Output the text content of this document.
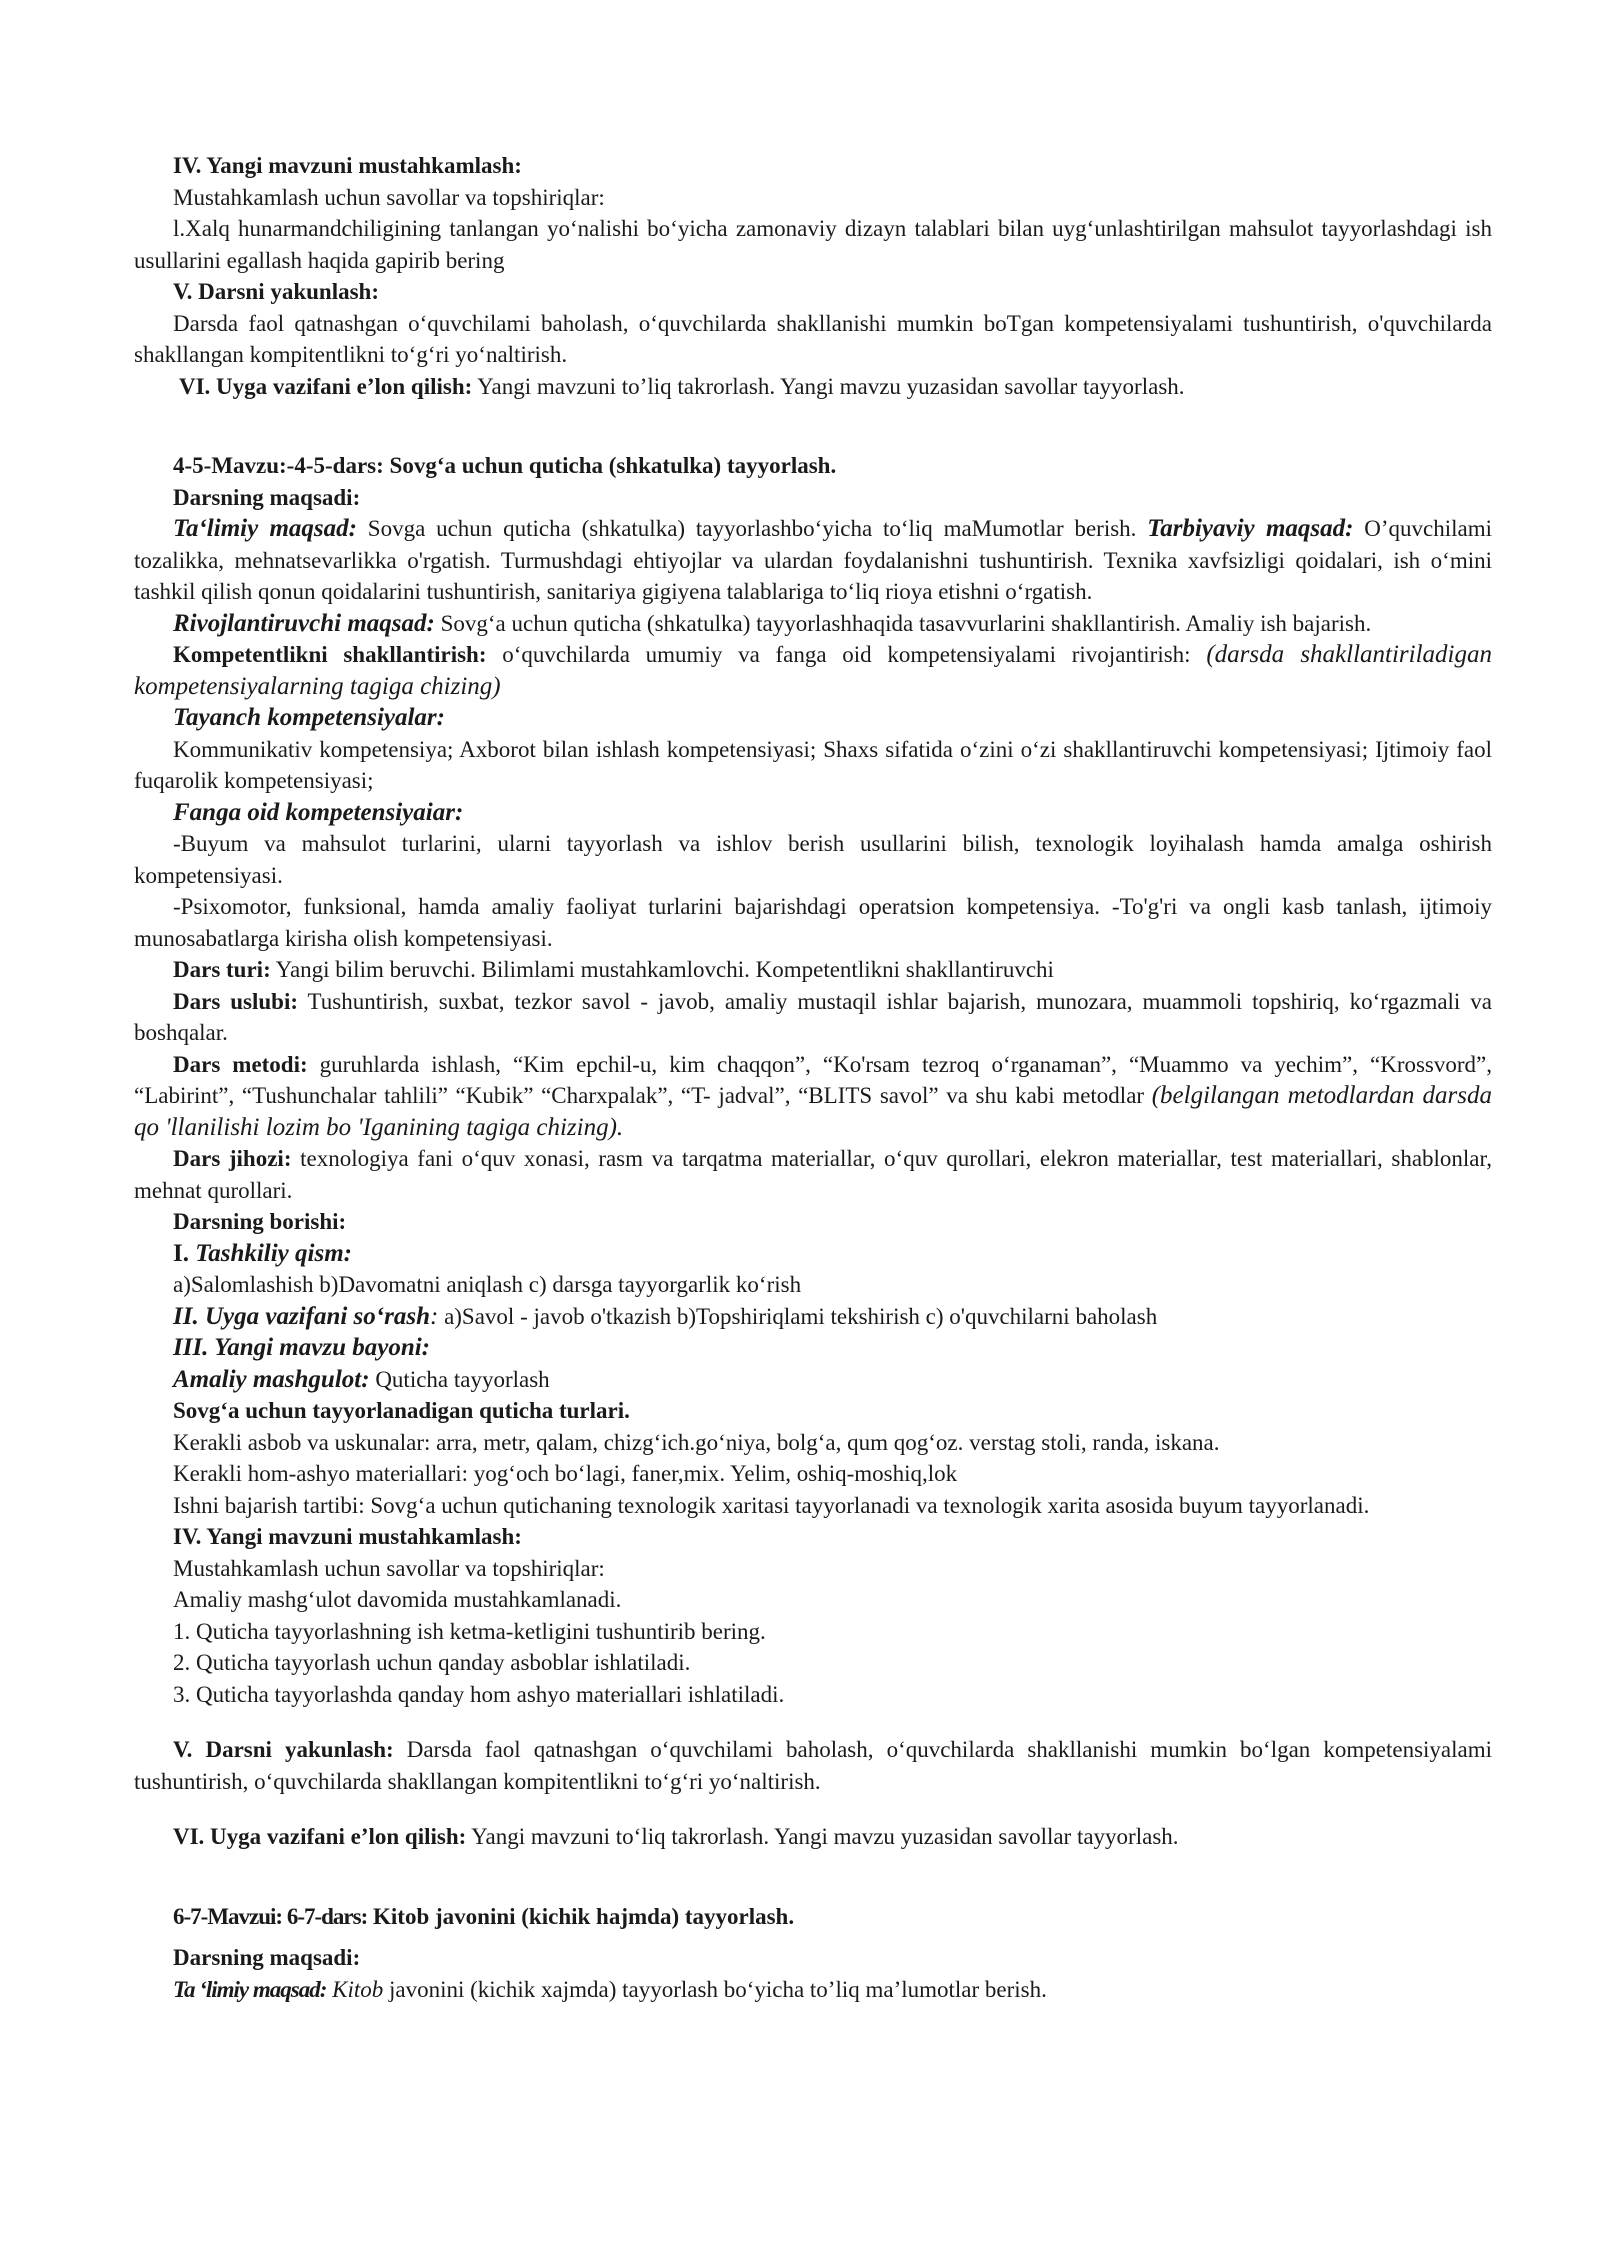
IV. Yangi mavzuni mustahkamlash:

Mustahkamlash uchun savollar va topshiriqlar:

l.Xalq hunarmandchiligining tanlangan yo‘nalishi bo‘yicha zamonaviy dizayn talablari bilan uyg‘unlashtirilgan mahsulot tayyorlashdagi ish usullarini egallash haqida gapirib bering

V. Darsni yakunlash:

Darsda faol qatnashgan o‘quvchilami baholash, o‘quvchilarda shakllanishi mumkin boTgan kompetensiyalami tushuntirish, o'quvchilarda shakllangan kompitentlikni to‘g‘ri yo‘naltirish.

VI. Uyga vazifani e’lon qilish: Yangi mavzuni to’liq takrorlash. Yangi mavzu yuzasidan savollar tayyorlash.

4-5-Mavzu:-4-5-dars: Sovg‘a uchun quticha (shkatulka) tayyorlash.

Darsning maqsadi:

Ta‘limiy maqsad: Sovga uchun quticha (shkatulka) tayyorlashbo‘yicha to‘liq maMumotlar berish. Tarbiyaviy maqsad: O’quvchilami tozalikka, mehnatsevarlikka o'rgatish. Turmushdagi ehtiyojlar va ulardan foydalanishni tushuntirish. Texnika xavfsizligi qoidalari, ish o‘mini tashkil qilish qonun qoidalarini tushuntirish, sanitariya gigiyena talablariga to‘liq rioya etishni o‘rgatish.

Rivojlantiruvchi maqsad: Sovg‘a uchun quticha (shkatulka) tayyorlashhaqida tasavvurlarini shakllantirish. Amaliy ish bajarish.

Kompetentlikni shakllantirish: o‘quvchilarda umumiy va fanga oid kompetensiyalami rivojantirish: (darsda shakllantiriladigan kompetensiyalarning tagiga chizing)

Tayanch kompetensiyalar:

Kommunikativ kompetensiya; Axborot bilan ishlash kompetensiyasi; Shaxs sifatida o‘zini o‘zi shakllantiruvchi kompetensiyasi; Ijtimoiy faol fuqarolik kompetensiyasi;

Fanga oid kompetensiyaiar:

-Buyum va mahsulot turlarini, ularni tayyorlash va ishlov berish usullarini bilish, texnologik loyihalash hamda amalga oshirish kompetensiyasi.

-Psixomotor, funksional, hamda amaliy faoliyat turlarini bajarishdagi operatsion kompetensiya. -To'g'ri va ongli kasb tanlash, ijtimoiy munosabatlarga kirisha olish kompetensiyasi.

Dars turi: Yangi bilim beruvchi. Bilimlami mustahkamlovchi. Kompetentlikni shakllantiruvchi

Dars uslubi: Tushuntirish, suxbat, tezkor savol - javob, amaliy mustaqil ishlar bajarish, munozara, muammoli topshiriq, ko‘rgazmali va boshqalar.

Dars metodi: guruhlarda ishlash, “Kim epchil-u, kim chaqqon”, “Ko'rsam tezroq o‘rganaman”, “Muammo va yechim”, “Krossvord”, “Labirint”, “Tushunchalar tahlili” “Kubik” “Charxpalak”, “T- jadval”, “BLITS savol” va shu kabi metodlar (belgilangan metodlardan darsda qo 'llanilishi lozim bo 'Iganining tagiga chizing).

Dars jihozi: texnologiya fani o‘quv xonasi, rasm va tarqatma materiallar, o‘quv qurollari, elekron materiallar, test materiallari, shablonlar, mehnat qurollari.

Darsning borishi:

I. Tashkiliy qism:

a)Salomlashish b)Davomatni aniqlash c) darsga tayyorgarlik ko‘rish

II. Uyga vazifani so‘rash: a)Savol - javob o'tkazish b)Topshiriqlami tekshirish c) o'quvchilarni baholash

III. Yangi mavzu bayoni:

Amaliy mashgulot: Quticha tayyorlash

Sovg‘a uchun tayyorlanadigan quticha turlari.

Kerakli asbob va uskunalar: arra, metr, qalam, chizg‘ich.go‘niya, bolg‘a, qum qog‘oz. verstag stoli, randa, iskana.

Kerakli hom-ashyo materiallari: yog‘och bo‘lagi, faner,mix. Yelim, oshiq-moshiq,lok

Ishni bajarish tartibi: Sovg‘a uchun qutichaning texnologik xaritasi tayyorlanadi va texnologik xarita asosida buyum tayyorlanadi.

IV. Yangi mavzuni mustahkamlash:

Mustahkamlash uchun savollar va topshiriqlar:

Amaliy mashg‘ulot davomida mustahkamlanadi.

1. Quticha tayyorlashning ish ketma-ketligini tushuntirib bering.

2. Quticha tayyorlash uchun qanday asboblar ishlatiladi.

3. Quticha tayyorlashda qanday hom ashyo materiallari ishlatiladi.

V. Darsni yakunlash: Darsda faol qatnashgan o‘quvchilami baholash, o‘quvchilarda shakllanishi mumkin bo‘lgan kompetensiyalami tushuntirish, o‘quvchilarda shakllangan kompitentlikni to‘g‘ri yo‘naltirish.

VI. Uyga vazifani e’lon qilish: Yangi mavzuni to‘liq takrorlash. Yangi mavzu yuzasidan savollar tayyorlash.

6-7-Mavzui: 6-7-dars: Kitob javonini (kichik hajmda) tayyorlash.

Darsning maqsadi:

Ta ‘limiy maqsad: Kitob javonini (kichik xajmda) tayyorlash bo‘yicha to’liq ma’lumotlar berish.
